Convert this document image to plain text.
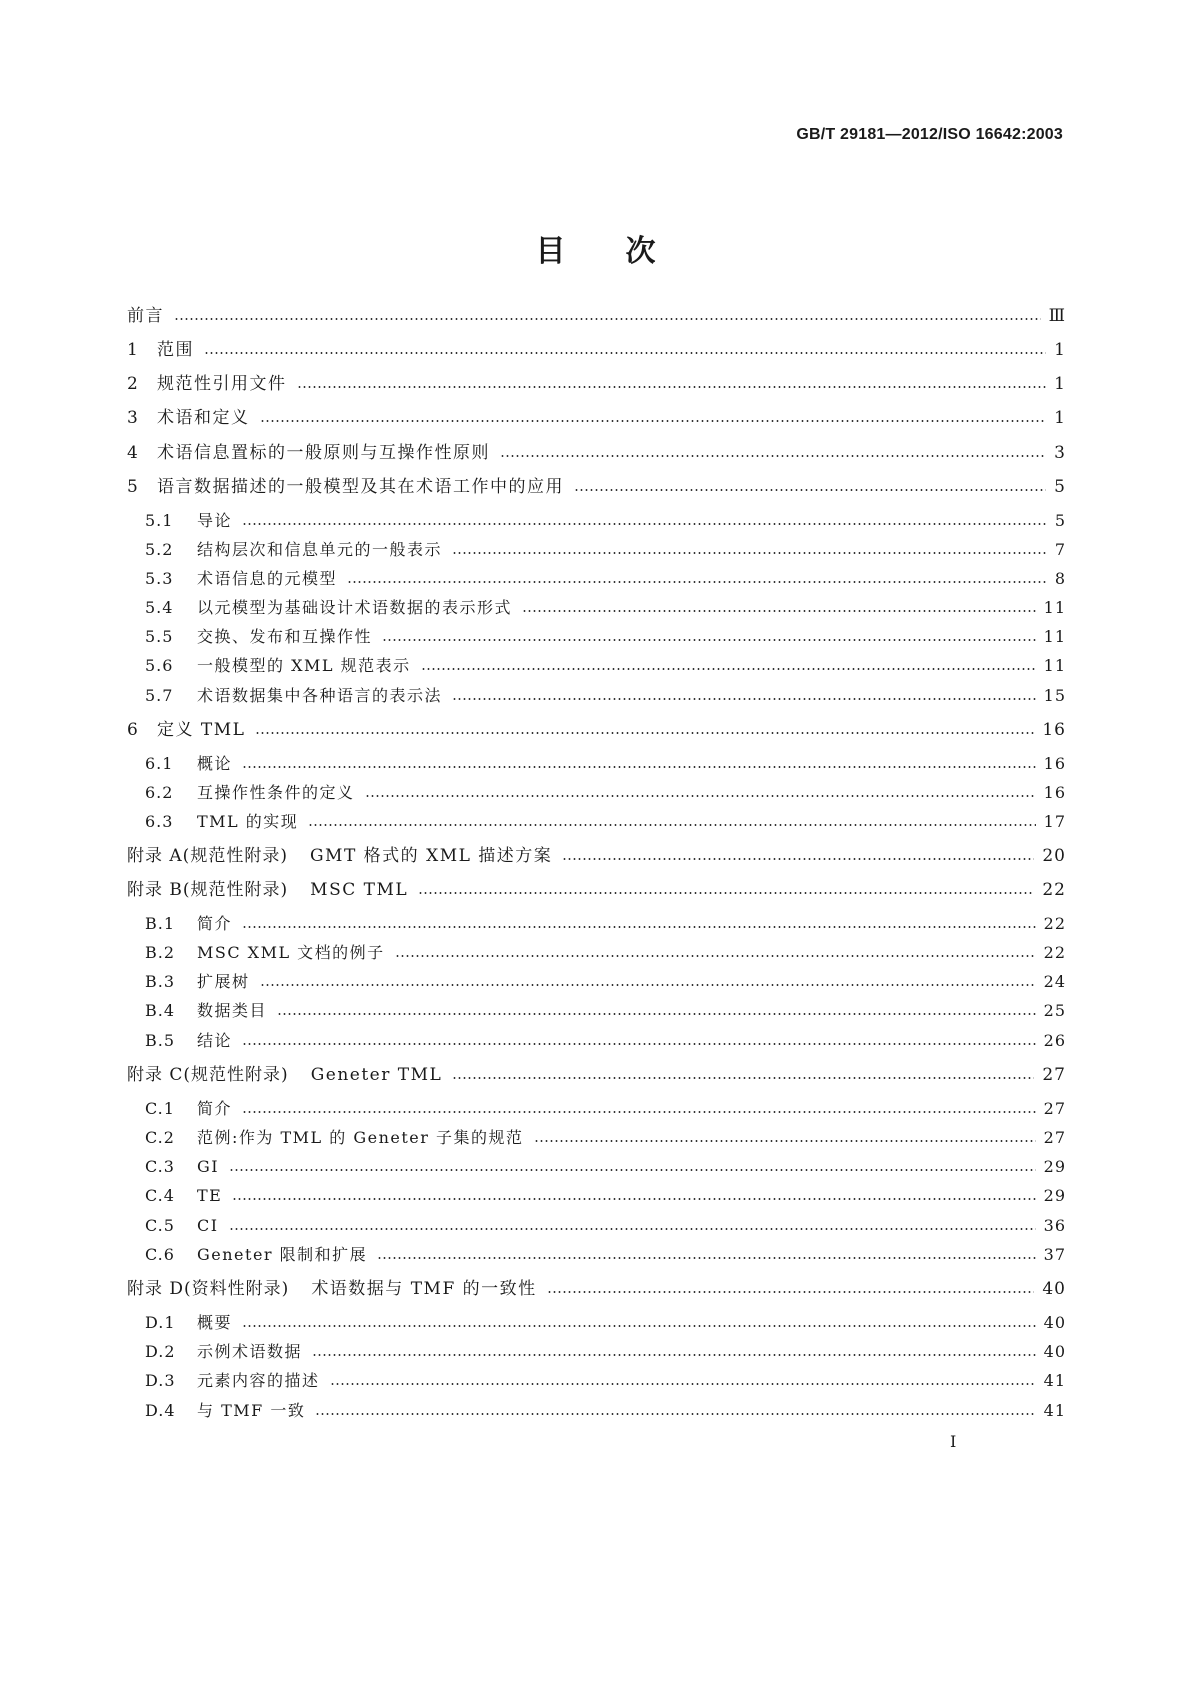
GB/T 29181—2012/ISO 16642:2003
目次
前言	Ⅲ
1	范围	1
2	规范性引用文件	1
3	术语和定义	1
4	术语信息置标的一般原则与互操作性原则	3
5	语言数据描述的一般模型及其在术语工作中的应用	5
5.1	导论	5
5.2	结构层次和信息单元的一般表示	7
5.3	术语信息的元模型	8
5.4	以元模型为基础设计术语数据的表示形式	11
5.5	交换、发布和互操作性	11
5.6	一般模型的 XML 规范表示	11
5.7	术语数据集中各种语言的表示法	15
6	定义 TML	16
6.1	概论	16
6.2	互操作性条件的定义	16
6.3	TML 的实现	17
附录 A(规范性附录) GMT 格式的 XML 描述方案	20
附录 B(规范性附录) MSC TML	22
B.1	简介	22
B.2	MSC XML 文档的例子	22
B.3	扩展树	24
B.4	数据类目	25
B.5	结论	26
附录 C(规范性附录) Geneter TML	27
C.1	简介	27
C.2	范例:作为 TML 的 Geneter 子集的规范	27
C.3	GI	29
C.4	TE	29
C.5	CI	36
C.6	Geneter 限制和扩展	37
附录 D(资料性附录) 术语数据与 TMF 的一致性	40
D.1	概要	40
D.2	示例术语数据	40
D.3	元素内容的描述	41
D.4	与 TMF 一致	41
I
